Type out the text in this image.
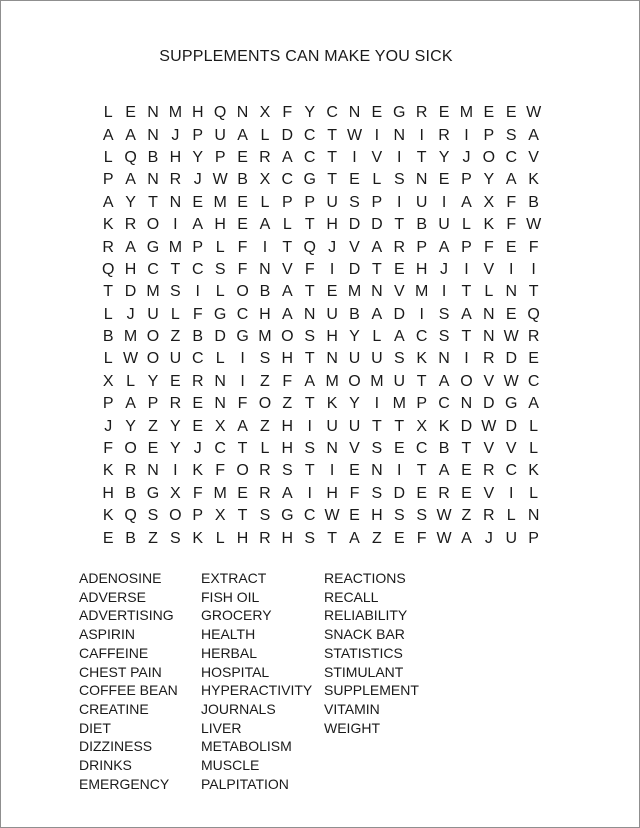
SUPPLEMENTS CAN MAKE YOU SICK
L E N M H Q N X F Y C N E G R E M E E W
A A N J P U A L D C T W I N I R I P S A
L Q B H Y P E R A C T I V I T Y J O C V
P A N R J W B X C G T E L S N E P Y A K
A Y T N E M E L P P U S P I U I A X F B
K R O I A H E A L T H D D T B U L K F W
R A G M P L F I T Q J V A R P A P F E F
Q H C T C S F N V F I D T E H J	I V I	I
T D M S I L O B A T E M N V M I T L N T
L J U L F G C H A N U B A D I S A N E Q
B M O Z B D G M O S H Y L A C S T N W R
L W O U C L I S H T N U U S K N I R D E
X L Y E R N I Z F A M O M U T A O V W C
P A P R E N F O Z T K Y I M P C N D G A
J Y Z Y E X A Z H I U U T T X K D W D L
F O E Y J C T L H S N V S E C B T V V L
K R N I K F O R S T I E N I T A E R C K
H B G X F M E R A I H F S D E R E V I L
K Q S O P X T S G C W E H S S W Z R L N
E B Z S K L H R H S T A Z E F W A J U P
ADENOSINE
ADVERSE
ADVERTISING
ASPIRIN
CAFFEINE
CHEST PAIN
COFFEE BEAN
CREATINE
DIET
DIZZINESS
DRINKS
EMERGENCY
EXTRACT
FISH OIL
GROCERY
HEALTH
HERBAL
HOSPITAL
HYPERACTIVITY
JOURNALS
LIVER
METABOLISM
MUSCLE
PALPITATION
REACTIONS
RECALL
RELIABILITY
SNACK BAR
STATISTICS
STIMULANT
SUPPLEMENT
VITAMIN
WEIGHT
